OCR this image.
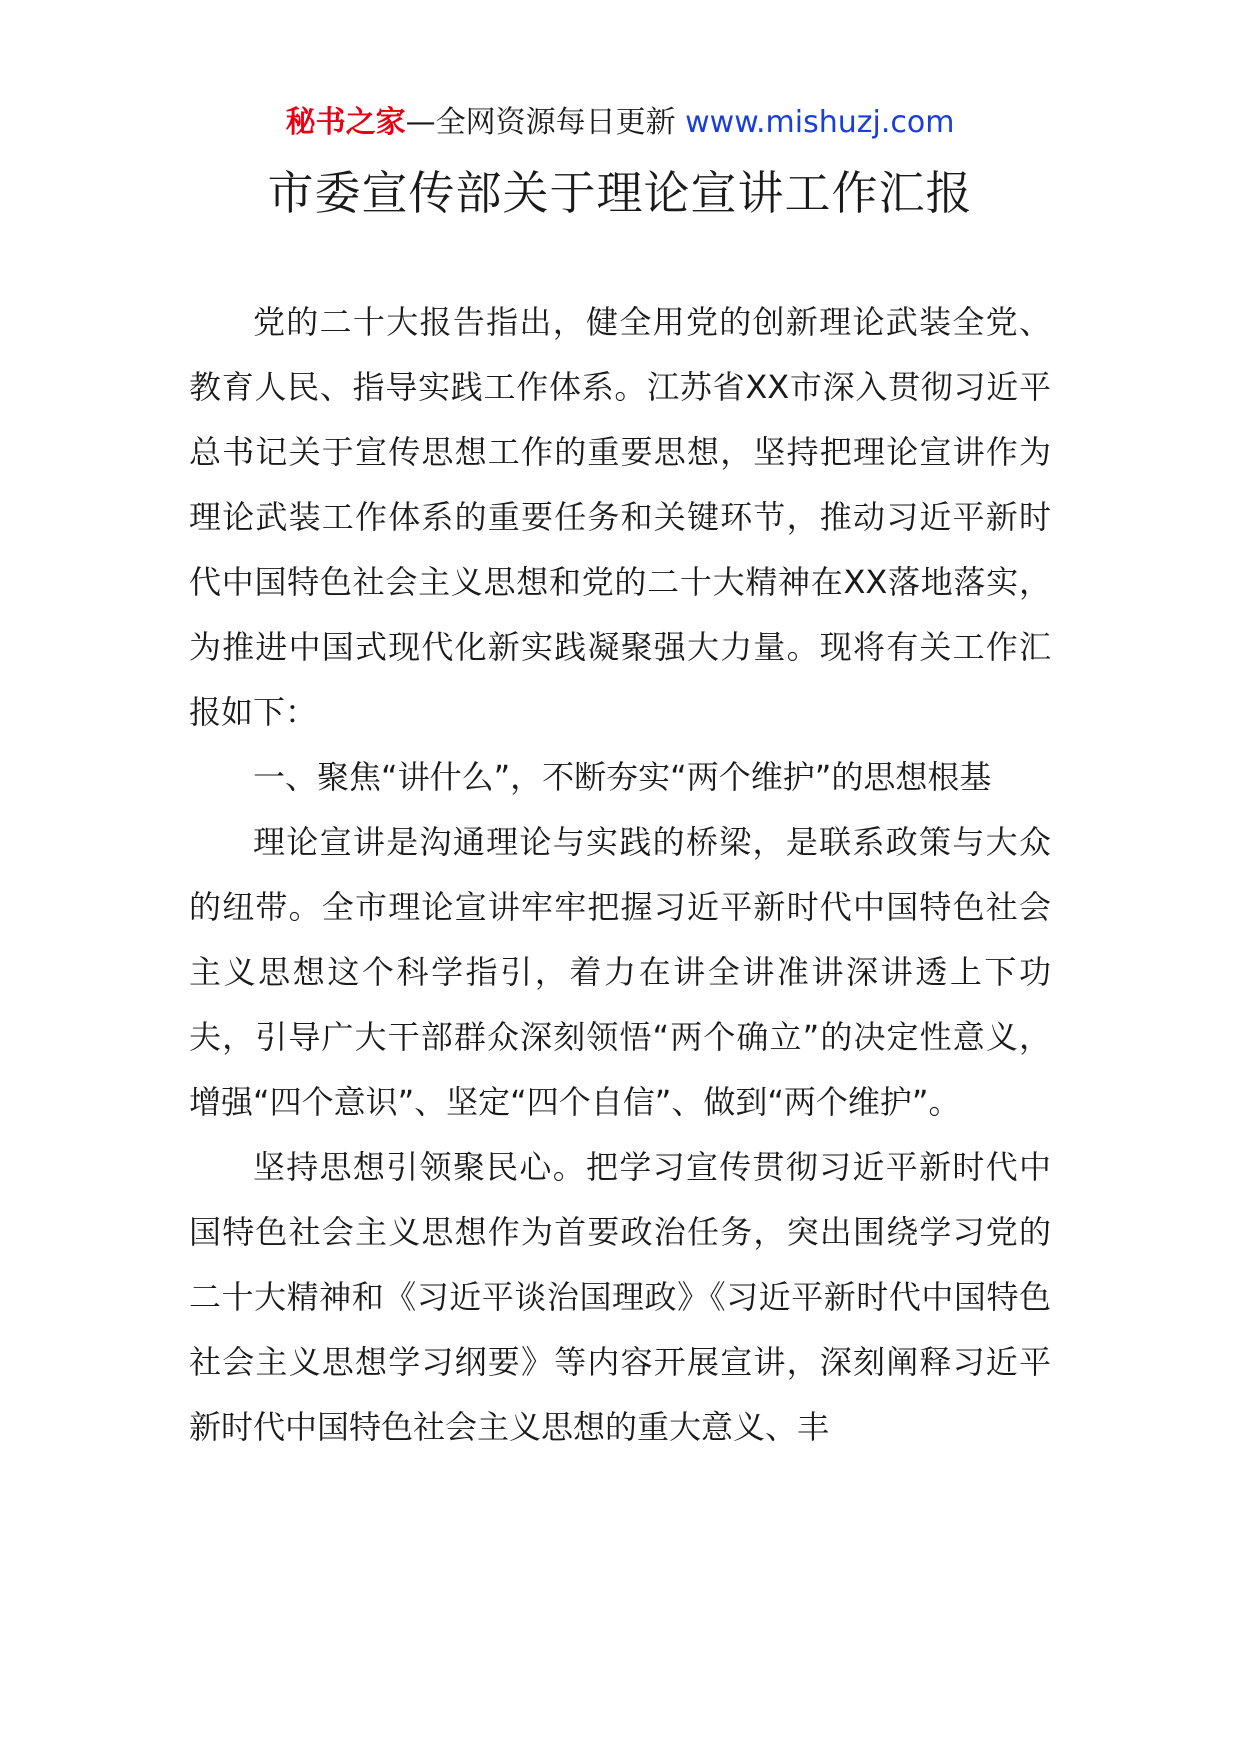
秘书之家—全网资源每日更新 www.mishuzj.com
市委宣传部关于理论宣讲工作汇报

党的二十大报告指出，健全用党的创新理论武装全党、教育人民、指导实践工作体系。江苏省XX市深入贯彻习近平总书记关于宣传思想工作的重要思想，坚持把理论宣讲作为理论武装工作体系的重要任务和关键环节，推动习近平新时代中国特色社会主义思想和党的二十大精神在XX落地落实，为推进中国式现代化新实践凝聚强大力量。现将有关工作汇报如下：

一、聚焦“讲什么”，不断夯实“两个维护”的思想根基

理论宣讲是沟通理论与实践的桥梁，是联系政策与大众的纽带。全市理论宣讲牢牢把握习近平新时代中国特色社会主义思想这个科学指引，着力在讲全讲准讲深讲透上下功夫，引导广大干部群众深刻领悟“两个确立”的决定性意义，增强“四个意识”、坚定“四个自信”、做到“两个维护”。

坚持思想引领聚民心。把学习宣传贯彻习近平新时代中国特色社会主义思想作为首要政治任务，突出围绕学习党的二十大精神和《习近平谈治国理政》《习近平新时代中国特色社会主义思想学习纲要》等内容开展宣讲，深刻阐释习近平新时代中国特色社会主义思想的重大意义、丰
